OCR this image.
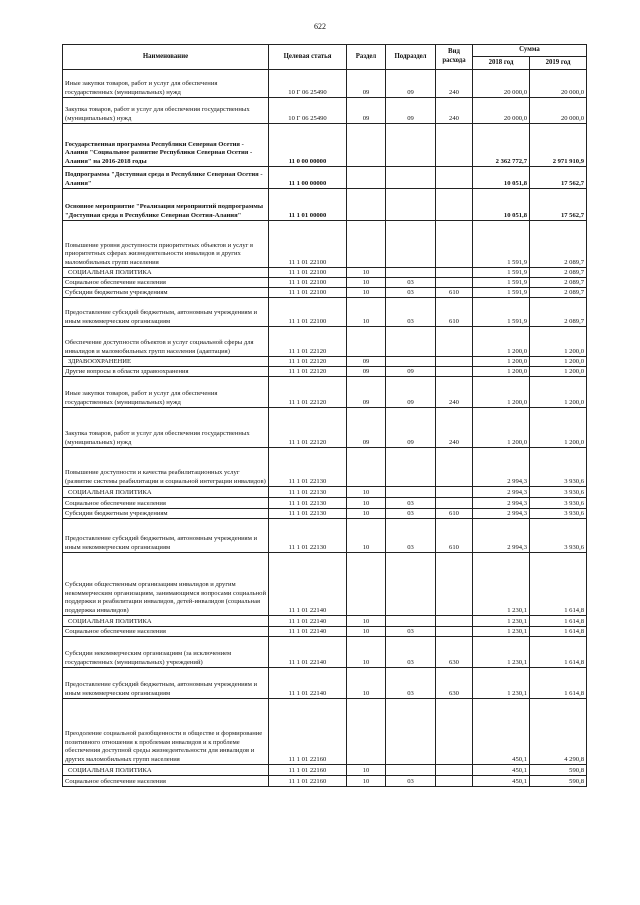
622
Наименование	Целевая статья	Раздел	Подраздел	Вид расхода	Сумма	
					2018 год	2019 год
Иные закупки товаров, работ и услуг для обеспечения государственных (муниципальных) нужд	10 Г 06 25490	09	09	240	20 000,0	20 000,0
Закупка товаров, работ и услуг для обеспечения государственных (муниципальных) нужд	10 Г 06 25490	09	09	240	20 000,0	20 000,0
Государственная программа Республики Северная Осетия - Алания "Социальное развитие Республики Северная Осетия - Алания" на 2016-2018 годы	11 0 00 00000				2 362 772,7	2 971 910,9
Подпрограмма "Доступная среда в Республике Северная Осетия - Алания"	11 1 00 00000				10 051,8	17 562,7
Основное мероприятие "Реализация мероприятий подпрограммы "Доступная среда в Республике Северная Осетия-Алания"	11 1 01 00000				10 051,8	17 562,7
Повышение уровня доступности приоритетных объектов и услуг в приоритетных сферах жизнедеятельности инвалидов и других маломобильных групп населения	11 1 01 22100				1 591,9	2 089,7
СОЦИАЛЬНАЯ ПОЛИТИКА	11 1 01 22100	10			1 591,9	2 089,7
Социальное обеспечение населения	11 1 01 22100	10	03		1 591,9	2 089,7
Субсидии бюджетным учреждениям	11 1 01 22100	10	03	610	1 591,9	2 089,7
Предоставление субсидий бюджетным, автономным учреждениям и иным некоммерческим организациям	11 1 01 22100	10	03	610	1 591,9	2 089,7
Обеспечение доступности объектов и услуг социальной сферы для инвалидов и маломобильных групп населения (адаптация)	11 1 01 22120				1 200,0	1 200,0
ЗДРАВООХРАНЕНИЕ	11 1 01 22120	09			1 200,0	1 200,0
Другие вопросы в области здравоохранения	11 1 01 22120	09	09		1 200,0	1 200,0
Иные закупки товаров, работ и услуг для обеспечения государственных (муниципальных) нужд	11 1 01 22120	09	09	240	1 200,0	1 200,0
Закупка товаров, работ и услуг для обеспечения государственных (муниципальных) нужд	11 1 01 22120	09	09	240	1 200,0	1 200,0
Повышение доступности и качества реабилитационных услуг (развитие системы реабилитации и социальной интеграции инвалидов)	11 1 01 22130				2 994,3	3 930,6
СОЦИАЛЬНАЯ ПОЛИТИКА	11 1 01 22130	10			2 994,3	3 930,6
Социальное обеспечение населения	11 1 01 22130	10	03		2 994,3	3 930,6
Субсидии бюджетным учреждениям	11 1 01 22130	10	03	610	2 994,3	3 930,6
Предоставление субсидий бюджетным, автономным учреждениям и иным некоммерческим организациям	11 1 01 22130	10	03	610	2 994,3	3 930,6
Субсидии общественным организациям инвалидов и другим некоммерческим организациям, занимающимся вопросами социальной поддержки и реабилитации инвалидов, детей-инвалидов (социальная поддержка инвалидов)	11 1 01 22140				1 230,1	1 614,8
СОЦИАЛЬНАЯ ПОЛИТИКА	11 1 01 22140	10			1 230,1	1 614,8
Социальное обеспечение населения	11 1 01 22140	10	03		1 230,1	1 614,8
Субсидии некоммерческим организациям (за исключением государственных (муниципальных) учреждений)	11 1 01 22140	10	03	630	1 230,1	1 614,8
Предоставление субсидий бюджетным, автономным учреждениям и иным некоммерческим организациям	11 1 01 22140	10	03	630	1 230,1	1 614,8
Преодоление социальной разобщенности в обществе и формирование позитивного отношения к проблемам инвалидов и к проблеме обеспечения доступной среды жизнедеятельности для инвалидов и других маломобильных групп населения	11 1 01 22160				450,1	4 290,8
СОЦИАЛЬНАЯ ПОЛИТИКА	11 1 01 22160	10			450,1	590,8
Социальное обеспечение населения	11 1 01 22160	10	03		450,1	590,8
